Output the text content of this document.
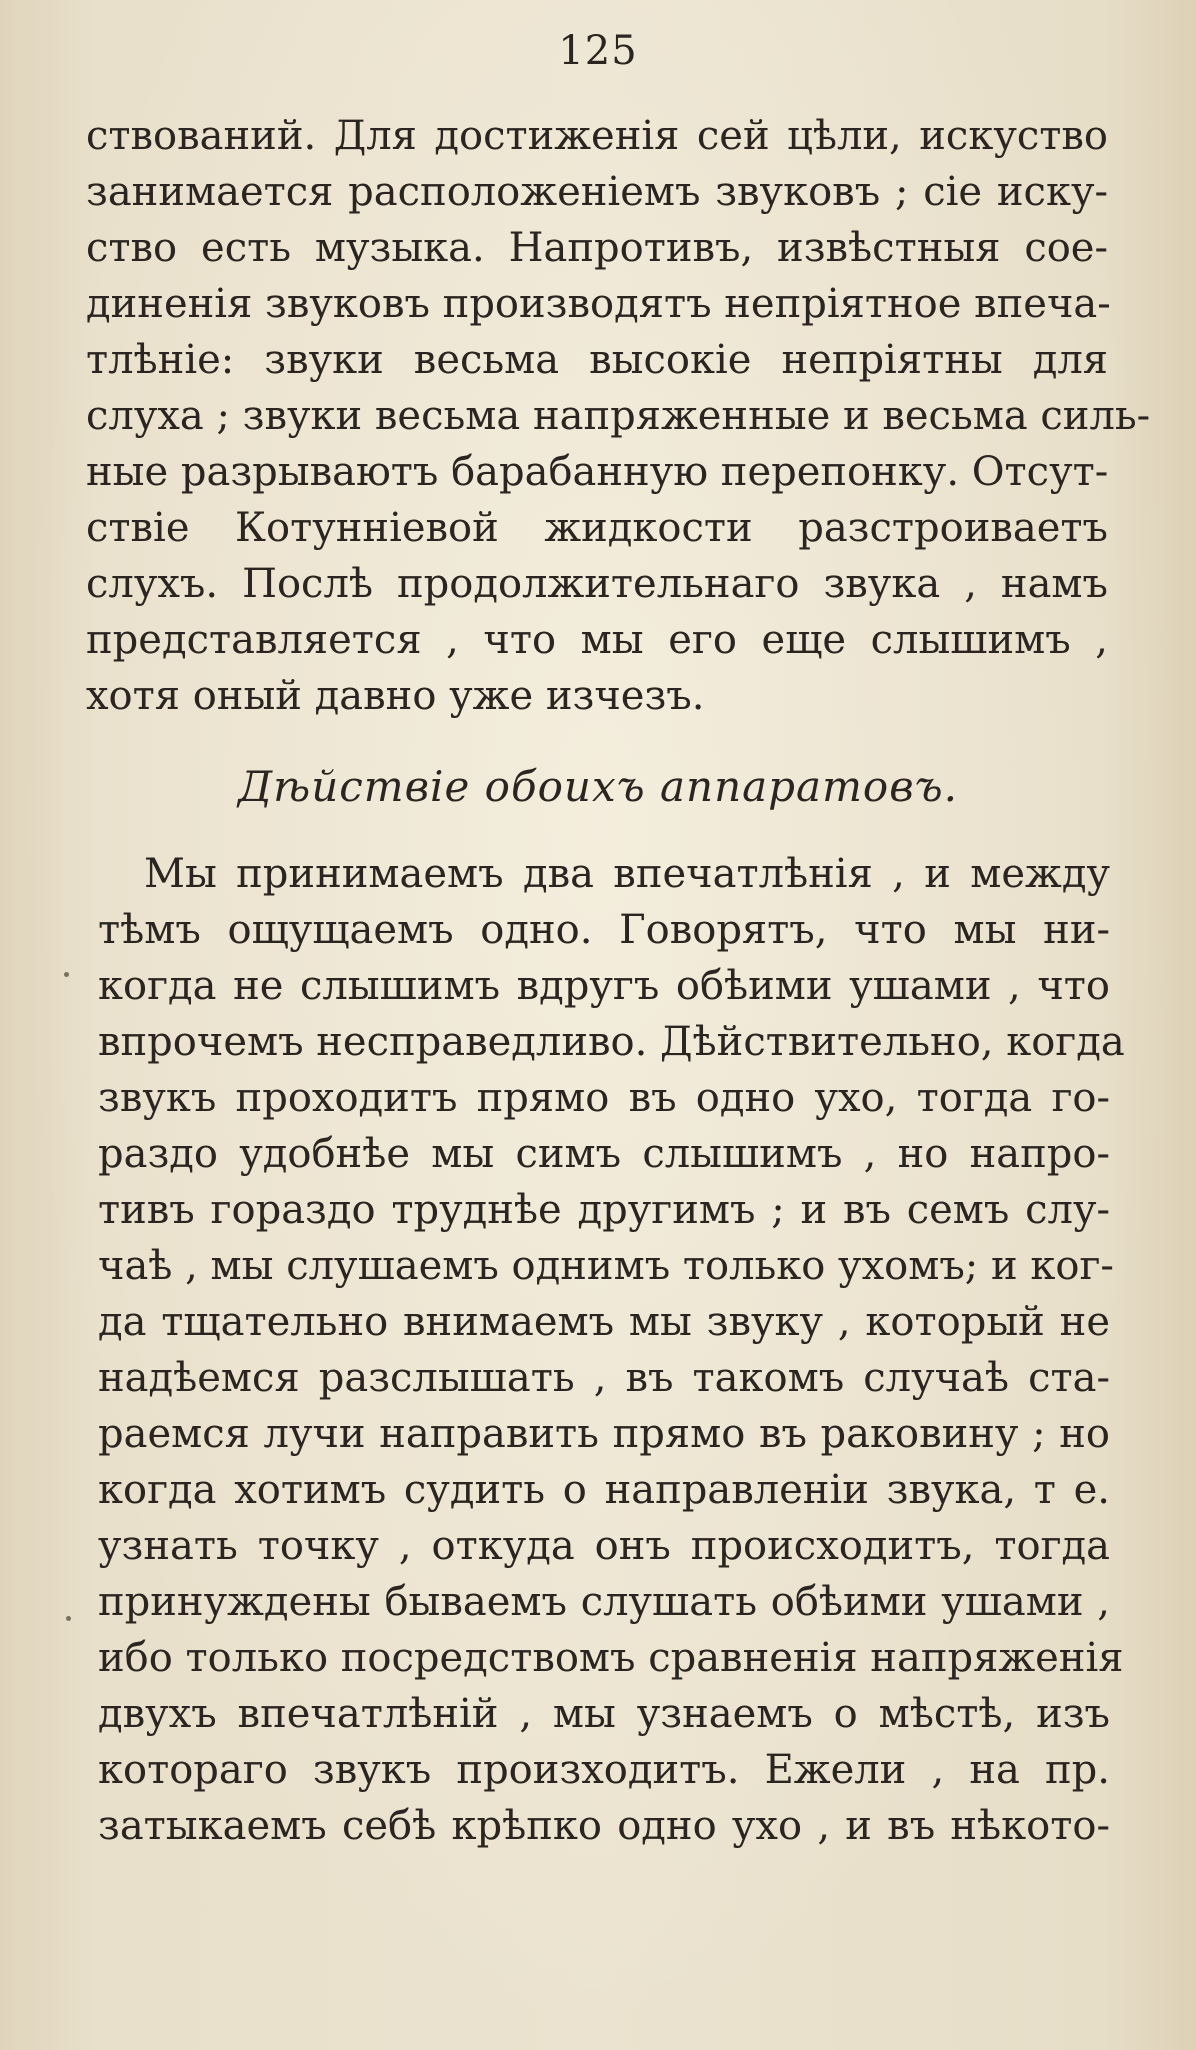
125
ствований. Для достиженія сей цѣли, искуство
занимается расположеніемъ звуковъ ; сіе иску-
ство есть музыка. Напротивъ, извѣстныя сое-
диненія звуковъ производятъ непріятное впеча-
тлѣніе: звуки весьма высокіе непріятны для
слуха ; звуки весьма напряженные и весьма силь-
ные разрываютъ барабанную перепонку. Отсут-
ствіе Котуннiевой жидкости разстроиваетъ
слухъ. Послѣ продолжительнаго звука , намъ
представляется , что мы его еще слышимъ ,
хотя оный давно уже изчезъ.
Дѣйствіе обоихъ аппаратовъ.
Мы принимаемъ два впечатлѣнія , и между
тѣмъ ощущаемъ одно. Говорятъ, что мы ни-
когда не слышимъ вдругъ обѣими ушами , что
впрочемъ несправедливо. Дѣйствительно, когда
звукъ проходитъ прямо въ одно ухо, тогда го-
раздо удобнѣе мы симъ слышимъ , но напро-
тивъ гораздо труднѣе другимъ ; и въ семъ слу-
чаѣ , мы слушаемъ однимъ только ухомъ; и ког-
да тщательно внимаемъ мы звуку , который не
надѣемся разслышать , въ такомъ случаѣ ста-
раемся лучи направить прямо въ раковину ; но
когда хотимъ судить о направленіи звука, т е.
узнать точку , откуда онъ происходитъ, тогда
принуждены бываемъ слушать обѣими ушами ,
ибо только посредствомъ сравненія напряженія
двухъ впечатлѣній , мы узнаемъ о мѣстѣ, изъ
котораго звукъ произходитъ. Ежели , на пр.
затыкаемъ себѣ крѣпко одно ухо , и въ нѣкото-
